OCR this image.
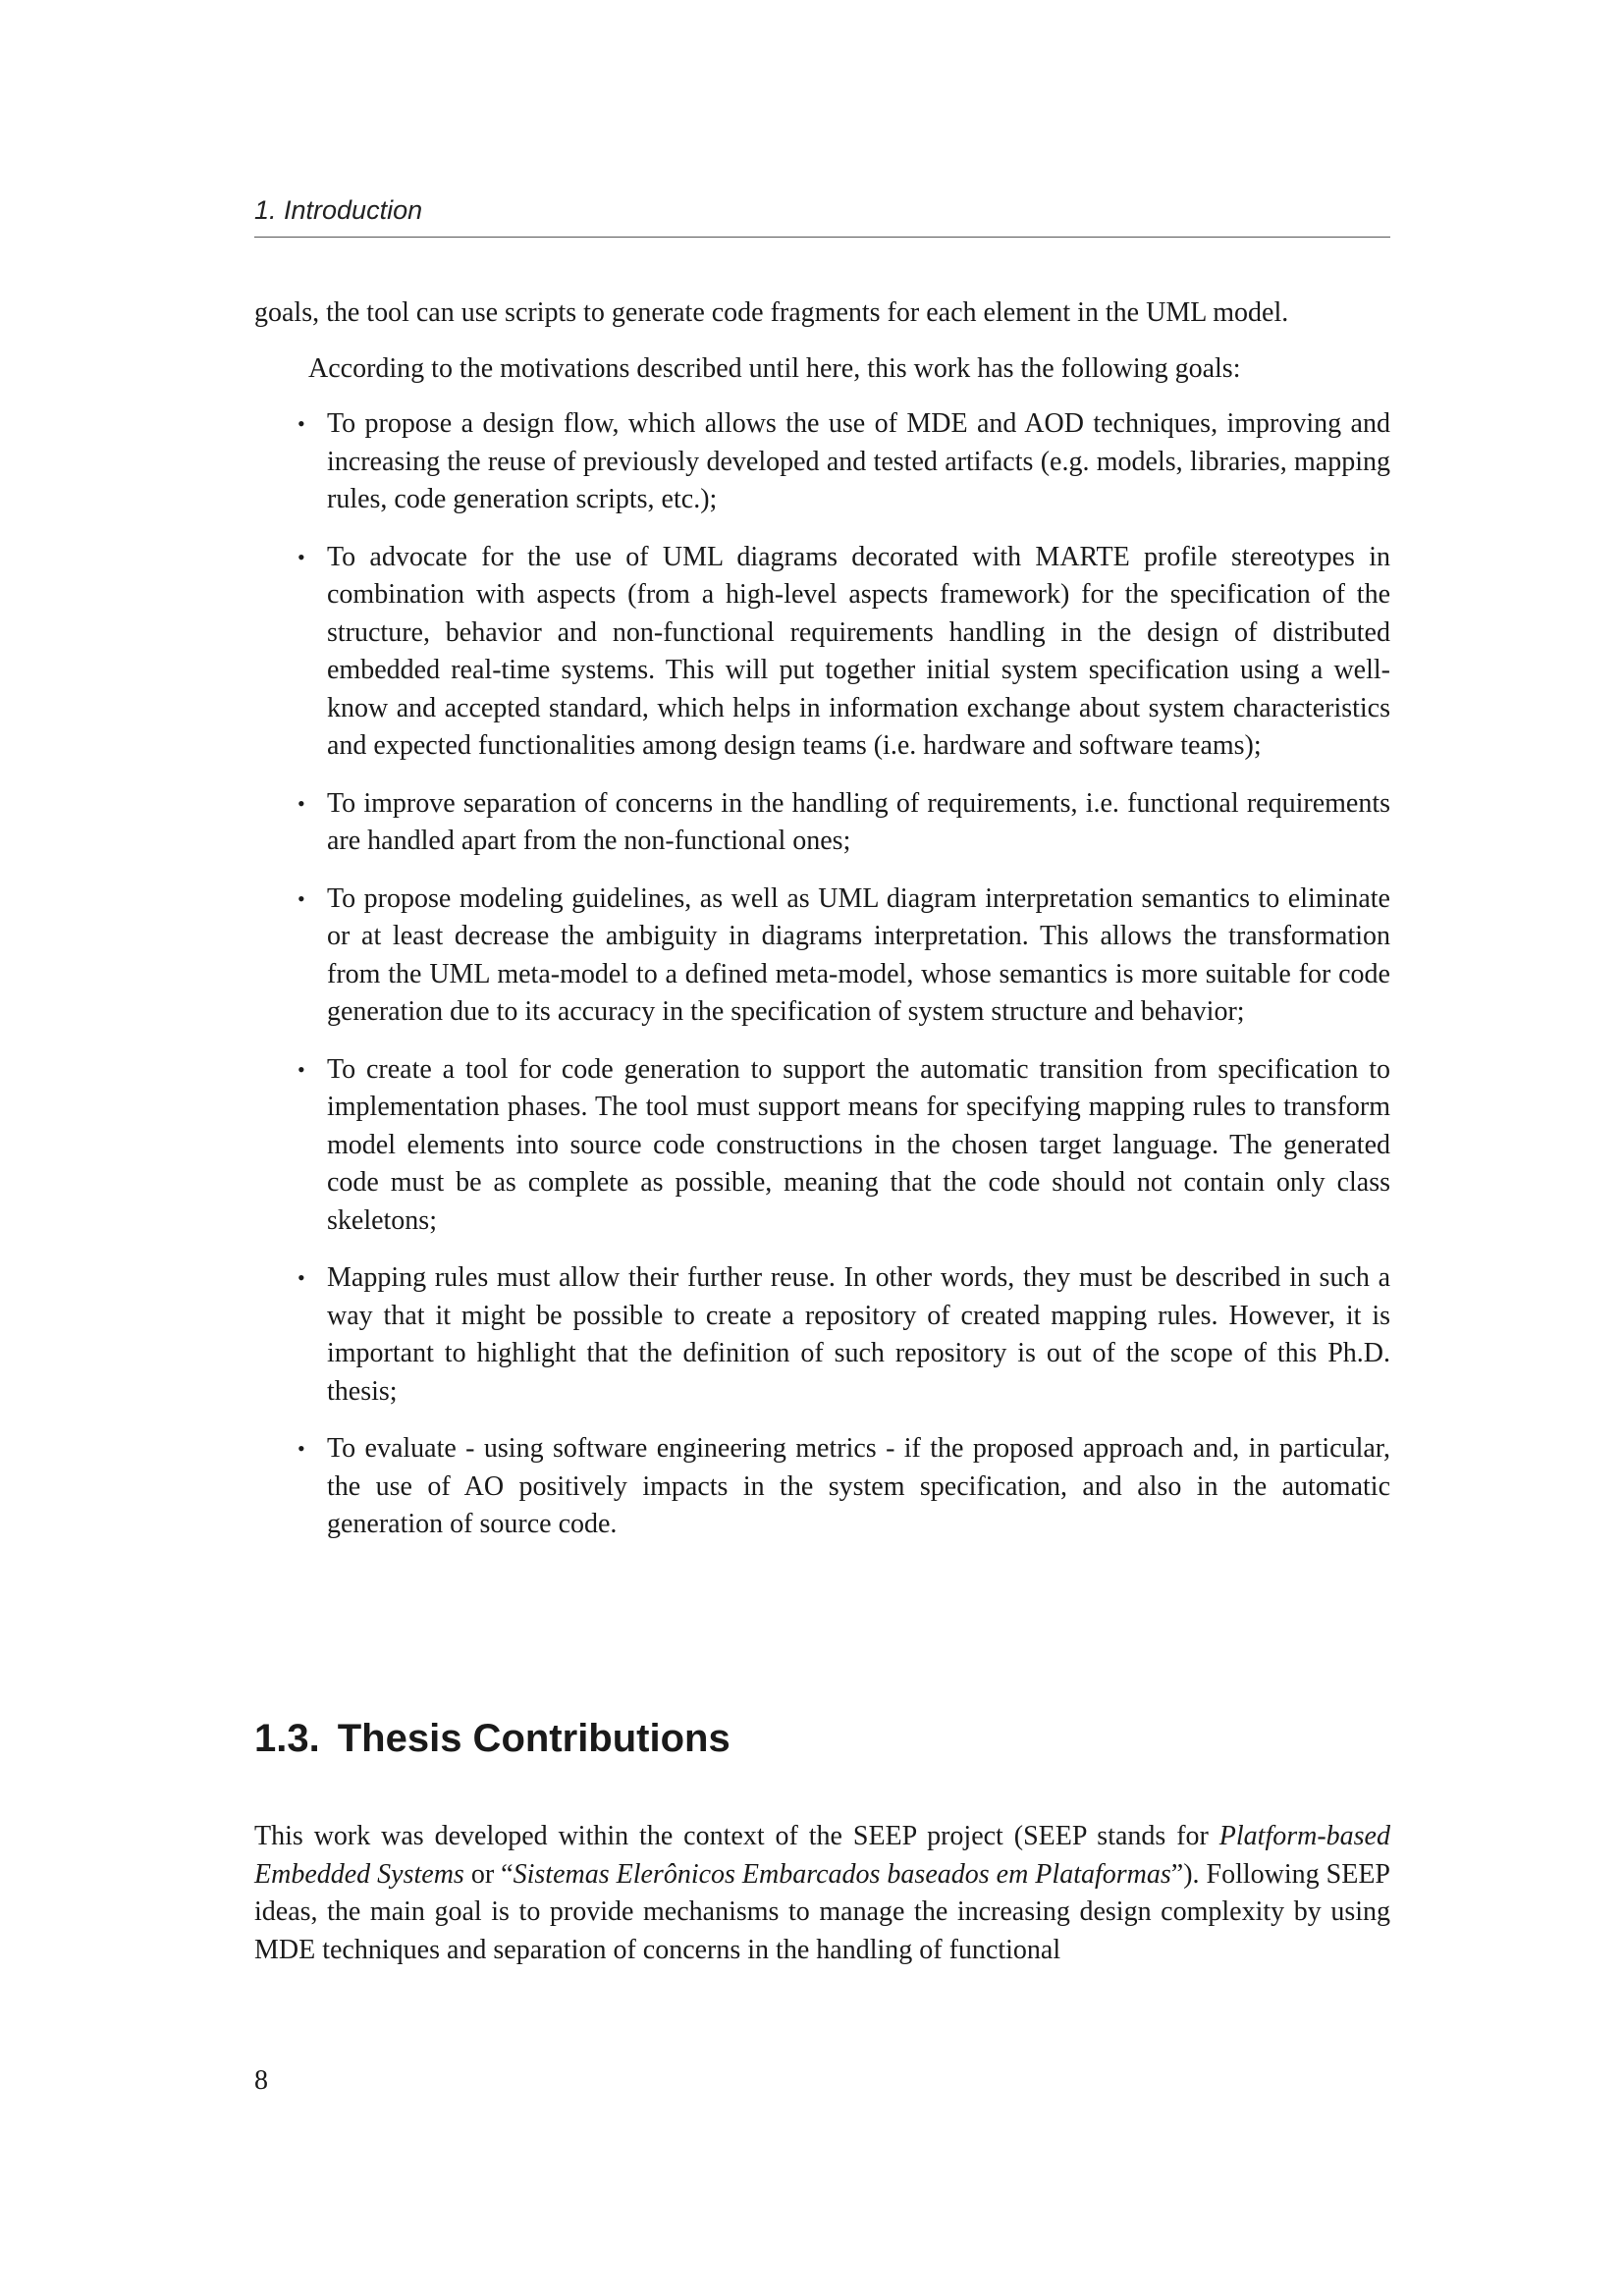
1. Introduction

goals, the tool can use scripts to generate code fragments for each element in the UML model.

According to the motivations described until here, this work has the following goals:

• To propose a design flow, which allows the use of MDE and AOD techniques, improving and increasing the reuse of previously developed and tested artifacts (e.g. models, libraries, mapping rules, code generation scripts, etc.);
• To advocate for the use of UML diagrams decorated with MARTE profile stereotypes in combination with aspects (from a high-level aspects framework) for the specification of the structure, behavior and non-functional requirements handling in the design of distributed embedded real-time systems. This will put together initial system specification using a well-know and accepted standard, which helps in information exchange about system characteristics and expected functionalities among design teams (i.e. hardware and software teams);
• To improve separation of concerns in the handling of requirements, i.e. functional requirements are handled apart from the non-functional ones;
• To propose modeling guidelines, as well as UML diagram interpretation semantics to eliminate or at least decrease the ambiguity in diagrams interpretation. This allows the transformation from the UML meta-model to a defined meta-model, whose semantics is more suitable for code generation due to its accuracy in the specification of system structure and behavior;
• To create a tool for code generation to support the automatic transition from specification to implementation phases. The tool must support means for specifying mapping rules to transform model elements into source code constructions in the chosen target language. The generated code must be as complete as possible, meaning that the code should not contain only class skeletons;
• Mapping rules must allow their further reuse. In other words, they must be described in such a way that it might be possible to create a repository of created mapping rules. However, it is important to highlight that the definition of such repository is out of the scope of this Ph.D. thesis;
• To evaluate - using software engineering metrics - if the proposed approach and, in particular, the use of AO positively impacts in the system specification, and also in the automatic generation of source code.
1.3. Thesis Contributions

This work was developed within the context of the SEEP project (SEEP stands for Platform-based Embedded Systems or “Sistemas Elerônicos Embarcados baseados em Plataformas”). Following SEEP ideas, the main goal is to provide mechanisms to manage the increasing design complexity by using MDE techniques and separation of concerns in the handling of functional

8
